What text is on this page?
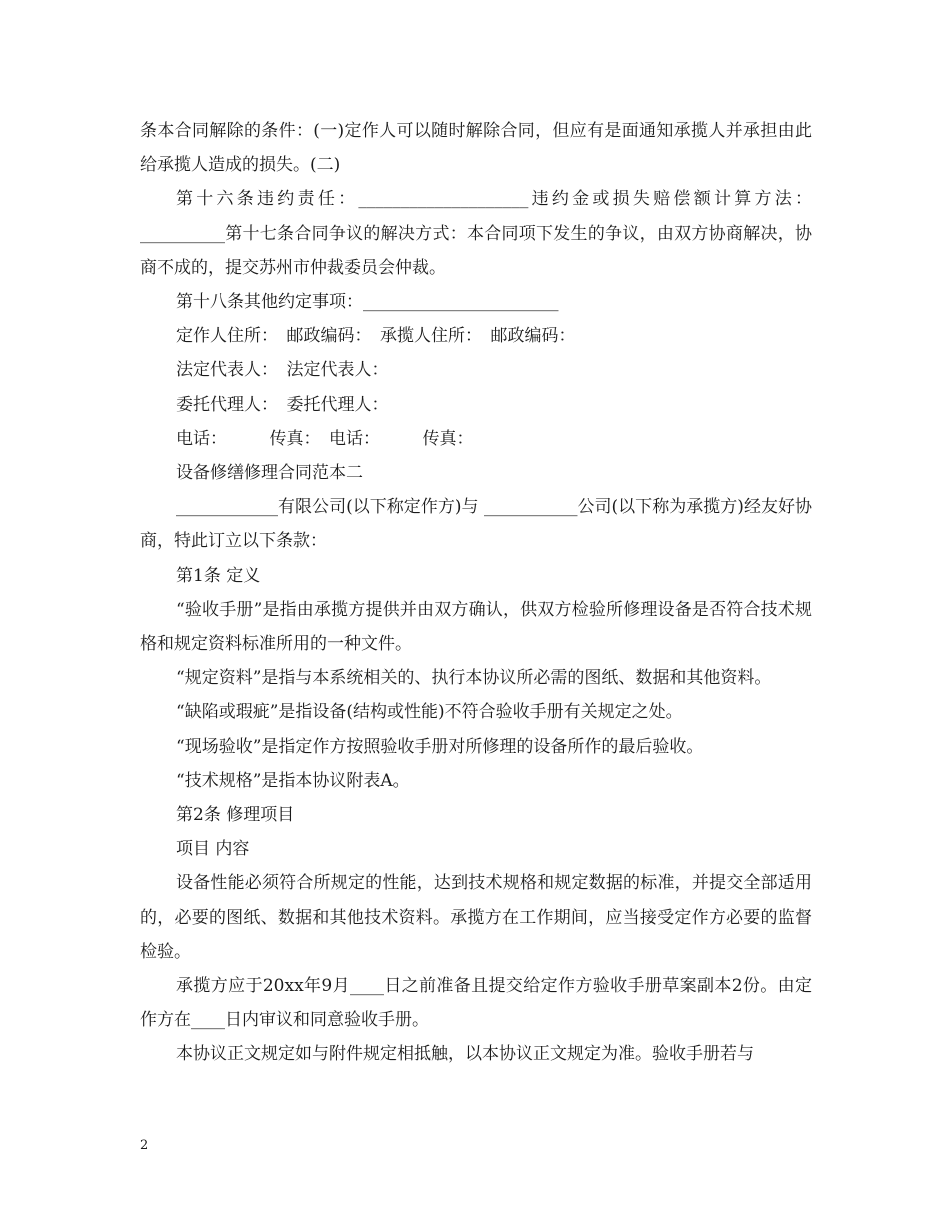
条本合同解除的条件：(一)定作人可以随时解除合同，但应有是面通知承揽人并承担由此给承揽人造成的损失。(二)

第十六条违约责任：____________________违约金或损失赔偿额计算方法：__________第十七条合同争议的解决方式：本合同项下发生的争议，由双方协商解决，协商不成的，提交苏州市仲裁委员会仲裁。

第十八条其他约定事项：_______________________

定作人住所：　邮政编码：　承揽人住所：　邮政编码：

法定代表人：　法定代表人：

委托代理人：　委托代理人：

电话：　　　传真：　电话：　　　传真：

设备修缮修理合同范本二

____________有限公司(以下称定作方)与 ___________公司(以下称为承揽方)经友好协商，特此订立以下条款：

第1条 定义

“验收手册”是指由承揽方提供并由双方确认，供双方检验所修理设备是否符合技术规格和规定资料标准所用的一种文件。

“规定资料”是指与本系统相关的、执行本协议所必需的图纸、数据和其他资料。

“缺陷或瑕疵”是指设备(结构或性能)不符合验收手册有关规定之处。

“现场验收”是指定作方按照验收手册对所修理的设备所作的最后验收。

“技术规格”是指本协议附表A。

第2条 修理项目

项目 内容

设备性能必须符合所规定的性能，达到技术规格和规定数据的标准，并提交全部适用的，必要的图纸、数据和其他技术资料。承揽方在工作期间，应当接受定作方必要的监督检验。

承揽方应于20xx年9月____日之前准备且提交给定作方验收手册草案副本2份。由定作方在____日内审议和同意验收手册。

本协议正文规定如与附件规定相抵触，以本协议正文规定为准。验收手册若与

2
